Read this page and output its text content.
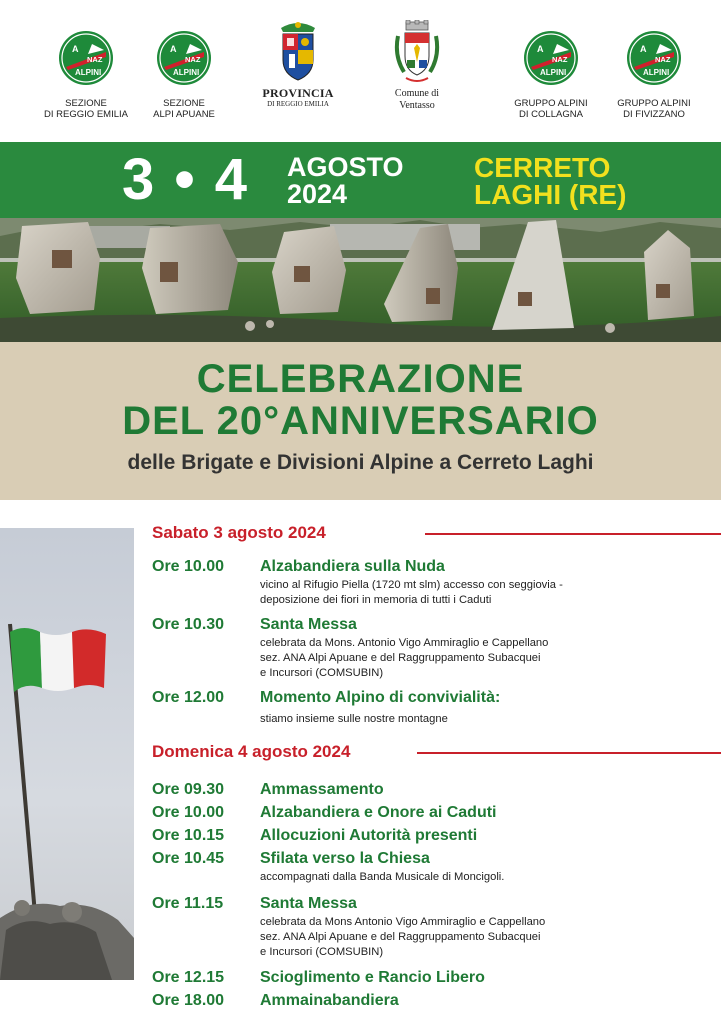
A
NAZ
ALPINI
SEZIONE
DI REGGIO EMILIA
A
NAZ
ALPINI
SEZIONE
ALPI APUANE
PROVINCIA
DI REGGIO EMILIA
Comune di
Ventasso
A
NAZ
ALPINI
GRUPPO ALPINI
DI COLLAGNA
A
NAZ
ALPINI
GRUPPO ALPINI
DI FIVIZZANO
3 • 4 AGOSTO
2024
CERRETO
LAGHI (RE)
CELEBRAZIONE
DEL 20°ANNIVERSARIO
delle Brigate e Divisioni Alpine a Cerreto Laghi
Sabato 3 agosto 2024
Ore 10.00	Alzabandiera sulla Nuda
vicino al Rifugio Piella (1720 mt slm) accesso con seggiovia -
deposizione dei fiori in memoria di tutti i Caduti
Ore 10.30	Santa Messa
celebrata da Mons. Antonio Vigo Ammiraglio e Cappellano
sez. ANA Alpi Apuane e del Raggruppamento Subacquei
e Incursori (COMSUBIN)
Ore 12.00	Momento Alpino di convivialità:
stiamo insieme sulle nostre montagne
Domenica 4 agosto 2024
Ore 09.30	Ammassamento
Ore 10.00	Alzabandiera e Onore ai Caduti
Ore 10.15	Allocuzioni Autorità presenti
Ore 10.45	Sfilata verso la Chiesa
accompagnati dalla Banda Musicale di Moncigoli.
Ore 11.15	Santa Messa
celebrata da Mons Antonio Vigo Ammiraglio e Cappellano
sez. ANA Alpi Apuane e del Raggruppamento Subacquei
e Incursori (COMSUBIN)
Ore 12.15	Scioglimento e Rancio Libero
Ore 18.00	Ammainabandiera
